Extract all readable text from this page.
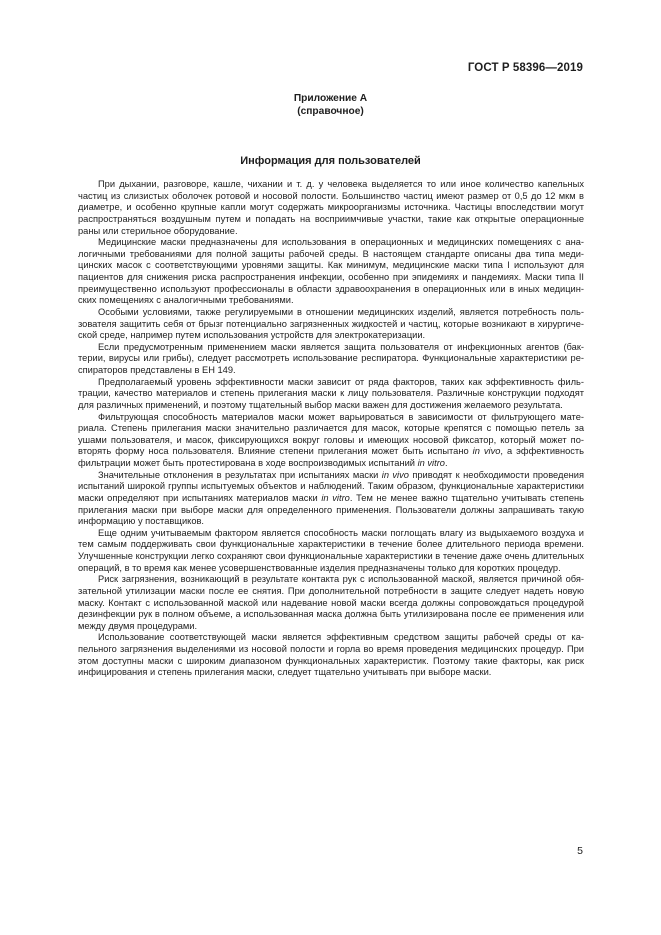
ГОСТ Р 58396—2019
Приложение А
(справочное)
Информация для пользователей

При дыхании, разговоре, кашле, чихании и т. д. у человека выделяется то или иное количество капельных частиц из слизистых оболочек ротовой и носовой полости. Большинство частиц имеют размер от 0,5 до 12 мкм в диаметре, и особенно крупные капли могут содержать микроорганизмы источника. Частицы впоследствии могут распространяться воздушным путем и попадать на восприимчивые участки, такие как открытые операционные раны или стерильное оборудование.

Медицинские маски предназначены для использования в операционных и медицинских помещениях с аналогичными требованиями для полной защиты рабочей среды. В настоящем стандарте описаны два типа медицинских масок с соответствующими уровнями защиты. Как минимум, медицинские маски типа I используют для пациентов для снижения риска распространения инфекции, особенно при эпидемиях и пандемиях. Маски типа II преимущественно используют профессионалы в области здравоохранения в операционных или в иных медицинских помещениях с аналогичными требованиями.

Особыми условиями, также регулируемыми в отношении медицинских изделий, является потребность пользователя защитить себя от брызг потенциально загрязненных жидкостей и частиц, которые возникают в хирургической среде, например путем использования устройств для электрокатеризации.

Если предусмотренным применением маски является защита пользователя от инфекционных агентов (бактерии, вирусы или грибы), следует рассмотреть использование респиратора. Функциональные характеристики респираторов представлены в ЕН 149.

Предполагаемый уровень эффективности маски зависит от ряда факторов, таких как эффективность фильтрации, качество материалов и степень прилегания маски к лицу пользователя. Различные конструкции подходят для различных применений, и поэтому тщательный выбор маски важен для достижения желаемого результата.

Фильтрующая способность материалов маски может варьироваться в зависимости от фильтрующего материала. Степень прилегания маски значительно различается для масок, которые крепятся с помощью петель за ушами пользователя, и масок, фиксирующихся вокруг головы и имеющих носовой фиксатор, который может повторять форму носа пользователя. Влияние степени прилегания может быть испытано in vivo, а эффективность фильтрации может быть протестирована в ходе воспроизводимых испытаний in vitro.

Значительные отклонения в результатах при испытаниях маски in vivo приводят к необходимости проведения испытаний широкой группы испытуемых объектов и наблюдений. Таким образом, функциональные характеристики маски определяют при испытаниях материалов маски in vitro. Тем не менее важно тщательно учитывать степень прилегания маски при выборе маски для определенного применения. Пользователи должны запрашивать такую информацию у поставщиков.

Еще одним учитываемым фактором является способность маски поглощать влагу из выдыхаемого воздуха и тем самым поддерживать свои функциональные характеристики в течение более длительного периода времени. Улучшенные конструкции легко сохраняют свои функциональные характеристики в течение даже очень длительных операций, в то время как менее усовершенствованные изделия предназначены только для коротких процедур.

Риск загрязнения, возникающий в результате контакта рук с использованной маской, является причиной обязательной утилизации маски после ее снятия. При дополнительной потребности в защите следует надеть новую маску. Контакт с использованной маской или надевание новой маски всегда должны сопровождаться процедурой дезинфекции рук в полном объеме, а использованная маска должна быть утилизирована после ее применения или между двумя процедурами.

Использование соответствующей маски является эффективным средством защиты рабочей среды от капельного загрязнения выделениями из носовой полости и горла во время проведения медицинских процедур. При этом доступны маски с широким диапазоном функциональных характеристик. Поэтому такие факторы, как риск инфицирования и степень прилегания маски, следует тщательно учитывать при выборе маски.

5
